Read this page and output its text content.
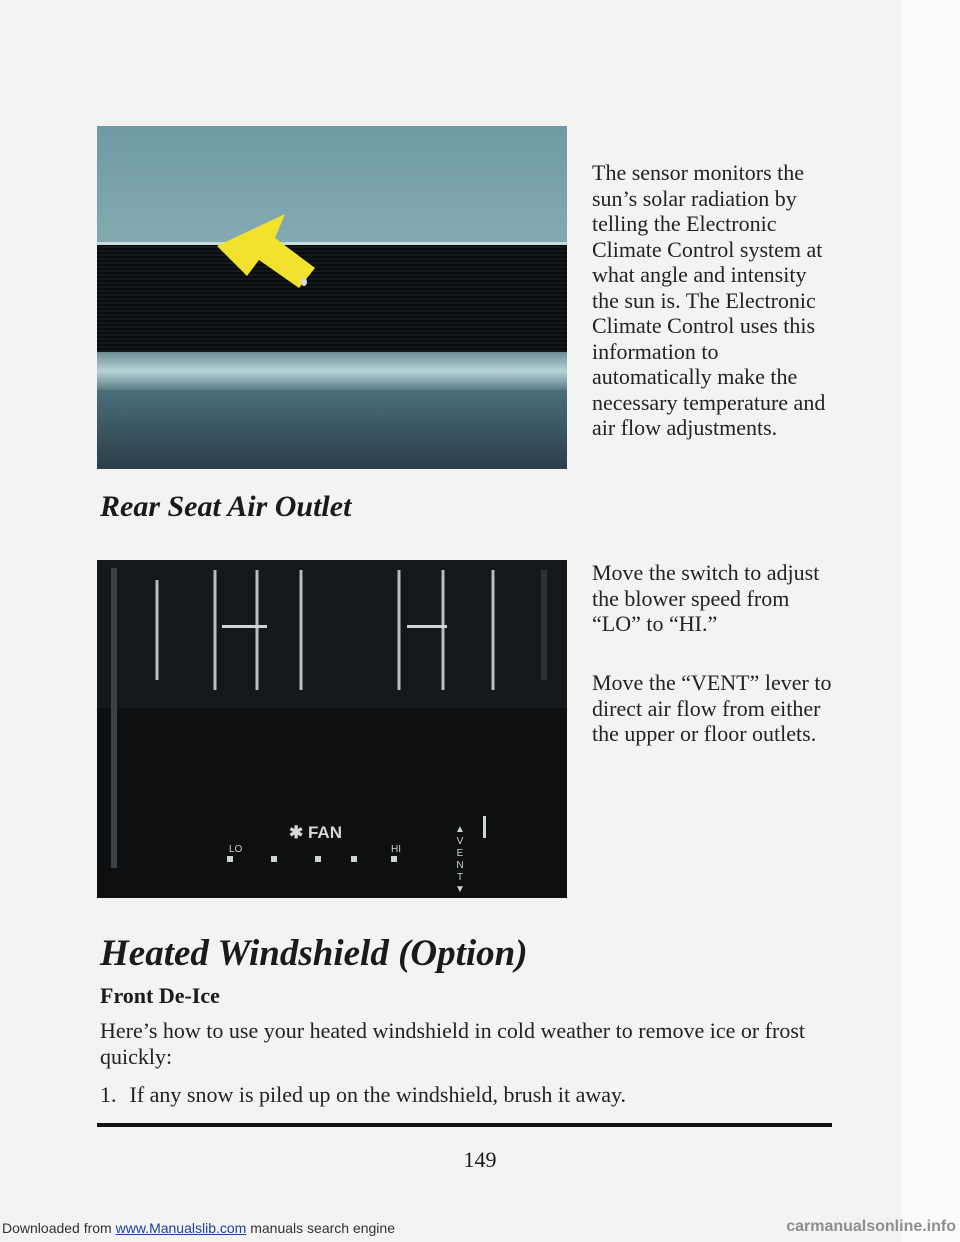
The sensor monitors the sun’s solar radiation by telling the Electronic Climate Control system at what angle and intensity the sun is. The Electronic Climate Control uses this information to automatically make the necessary temperature and air flow adjustments.

Rear Seat Air Outlet
✱ FAN
LO	HI
▲
V
E
N
T
▼

Move the switch to adjust the blower speed from “LO” to “HI.”

Move the “VENT” lever to direct air flow from either the upper or floor outlets.

Heated Windshield (Option)

Front De-Ice

Here’s how to use your heated windshield in cold weather to remove ice or frost quickly:

1. If any snow is piled up on the windshield, brush it away.

149

Downloaded from www.Manualslib.com manuals search engine	carmanualsonline.info
